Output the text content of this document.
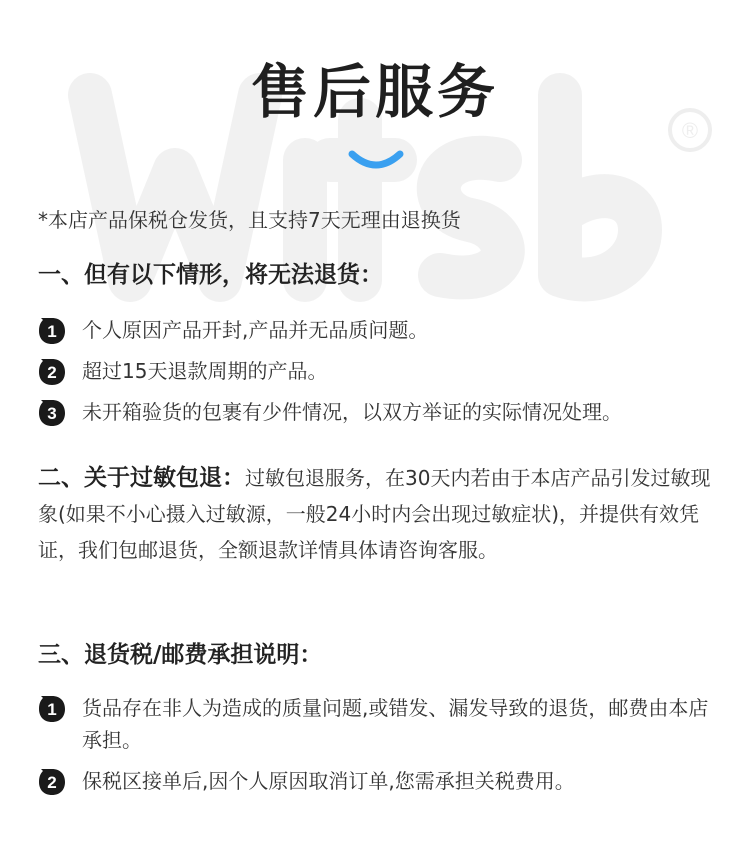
®
售后服务
*本店产品保税仓发货，且支持7天无理由退换货
一、但有以下情形，将无法退货：
1 个人原因产品开封,产品并无品质问题。
2 超过15天退款周期的产品。
3 未开箱验货的包裹有少件情况，以双方举证的实际情况处理。
二、关于过敏包退：过敏包退服务，在30天内若由于本店产品引发过敏现象(如果不小心摄入过敏源，一般24小时内会出现过敏症状)，并提供有效凭证，我们包邮退货，全额退款详情具体请咨询客服。
三、退货税/邮费承担说明：
1 货品存在非人为造成的质量问题,或错发、漏发导致的退货，邮费由本店承担。
2 保税区接单后,因个人原因取消订单,您需承担关税费用。
